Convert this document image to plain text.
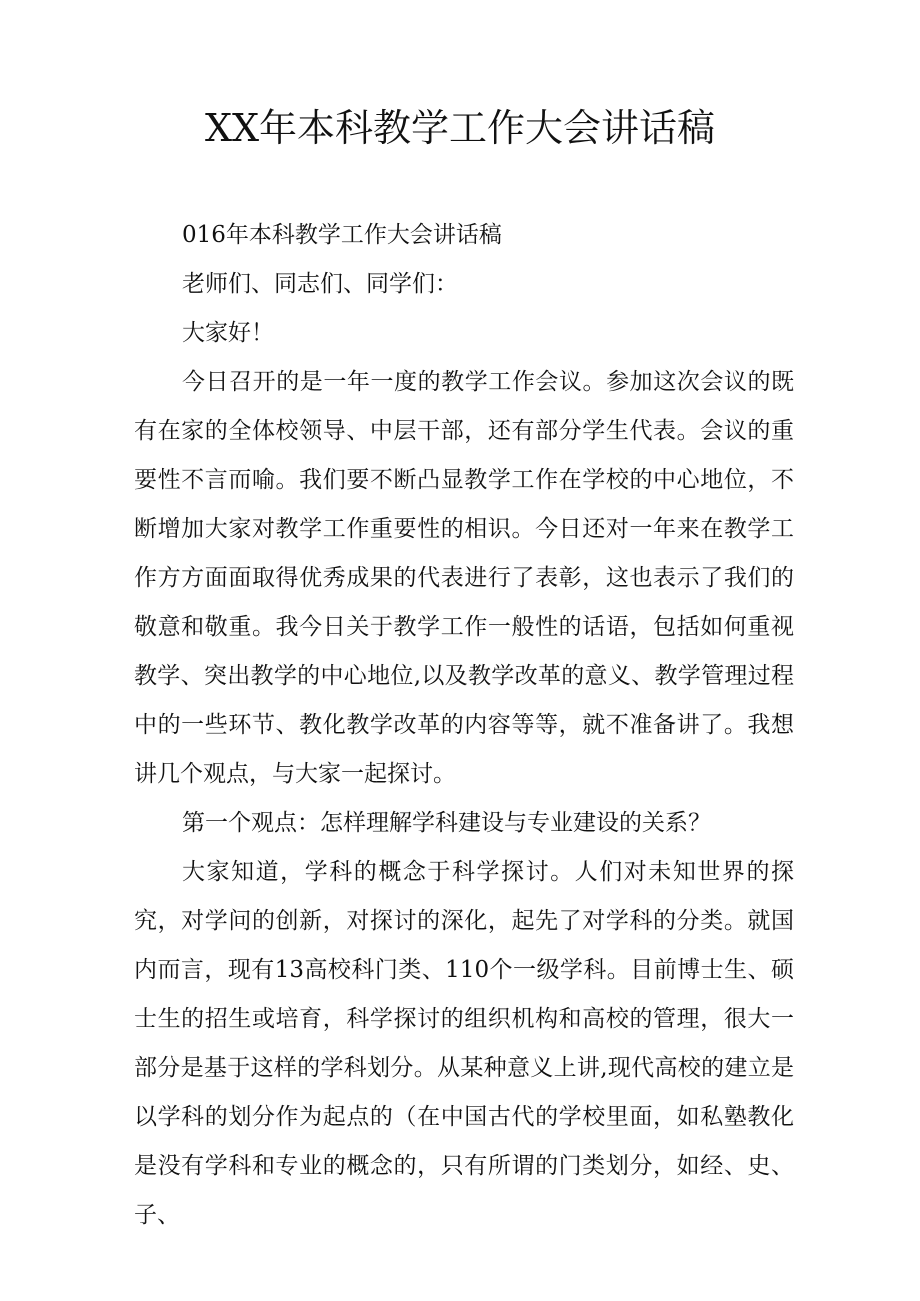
XX年本科教学工作大会讲话稿

016年本科教学工作大会讲话稿

老师们、同志们、同学们：

大家好！

今日召开的是一年一度的教学工作会议。参加这次会议的既有在家的全体校领导、中层干部，还有部分学生代表。会议的重要性不言而喻。我们要不断凸显教学工作在学校的中心地位，不断增加大家对教学工作重要性的相识。今日还对一年来在教学工作方方面面取得优秀成果的代表进行了表彰，这也表示了我们的敬意和敬重。我今日关于教学工作一般性的话语，包括如何重视教学、突出教学的中心地位,以及教学改革的意义、教学管理过程中的一些环节、教化教学改革的内容等等，就不准备讲了。我想讲几个观点，与大家一起探讨。

第一个观点：怎样理解学科建设与专业建设的关系？

大家知道，学科的概念于科学探讨。人们对未知世界的探究，对学问的创新，对探讨的深化，起先了对学科的分类。就国内而言，现有13高校科门类、110个一级学科。目前博士生、硕士生的招生或培育，科学探讨的组织机构和高校的管理，很大一部分是基于这样的学科划分。从某种意义上讲,现代高校的建立是以学科的划分作为起点的（在中国古代的学校里面，如私塾教化是没有学科和专业的概念的，只有所谓的门类划分，如经、史、子、
